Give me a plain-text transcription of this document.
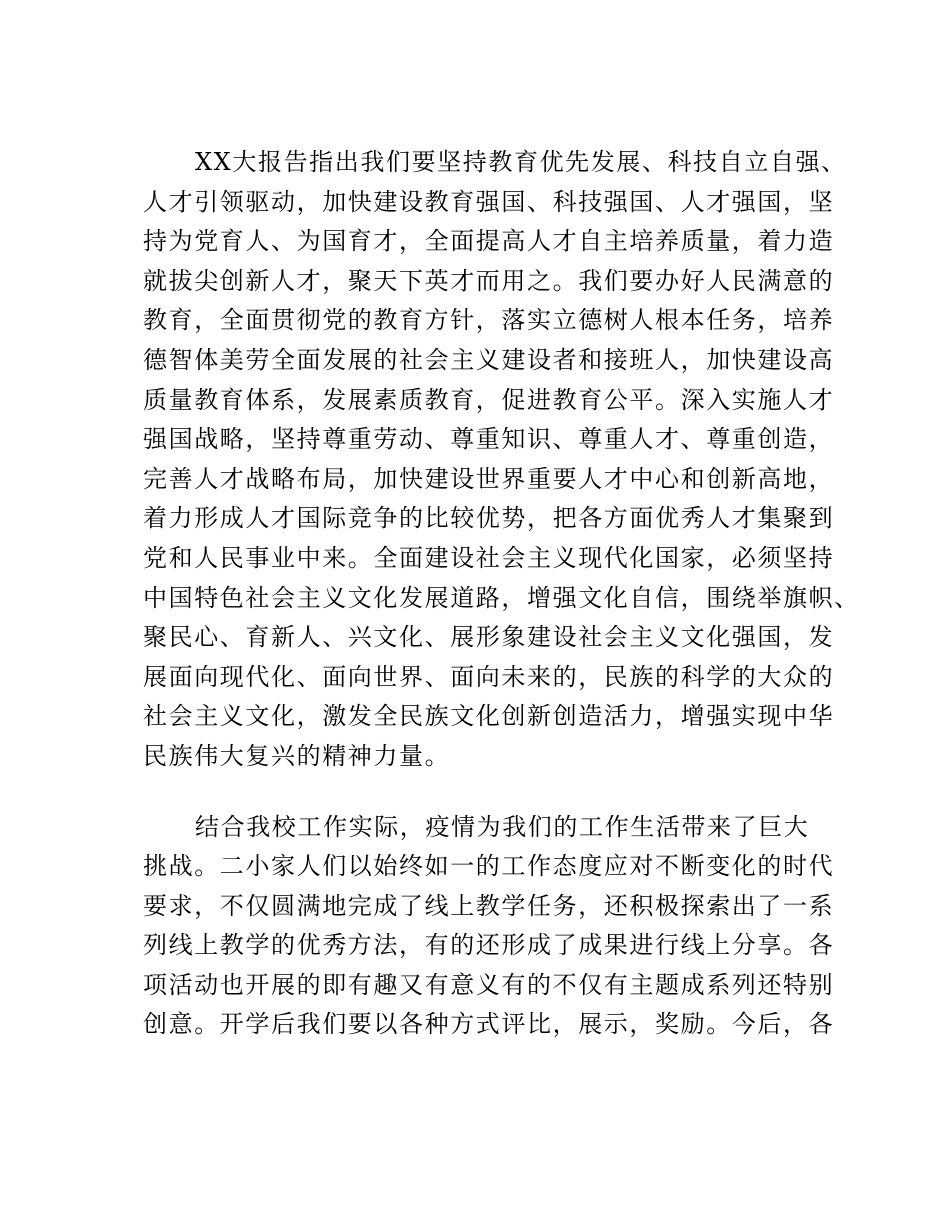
XX大报告指出我们要坚持教育优先发展、科技自立自强、
人才引领驱动，加快建设教育强国、科技强国、人才强国，坚
持为党育人、为国育才，全面提高人才自主培养质量，着力造
就拔尖创新人才，聚天下英才而用之。我们要办好人民满意的
教育，全面贯彻党的教育方针，落实立德树人根本任务，培养
德智体美劳全面发展的社会主义建设者和接班人，加快建设高
质量教育体系，发展素质教育，促进教育公平。深入实施人才
强国战略，坚持尊重劳动、尊重知识、尊重人才、尊重创造，
完善人才战略布局，加快建设世界重要人才中心和创新高地，
着力形成人才国际竞争的比较优势，把各方面优秀人才集聚到
党和人民事业中来。全面建设社会主义现代化国家，必须坚持
中国特色社会主义文化发展道路，增强文化自信，围绕举旗帜、
聚民心、育新人、兴文化、展形象建设社会主义文化强国，发
展面向现代化、面向世界、面向未来的，民族的科学的大众的
社会主义文化，激发全民族文化创新创造活力，增强实现中华
民族伟大复兴的精神力量。
结合我校工作实际，疫情为我们的工作生活带来了巨大
挑战。二小家人们以始终如一的工作态度应对不断变化的时代
要求，不仅圆满地完成了线上教学任务，还积极探索出了一系
列线上教学的优秀方法，有的还形成了成果进行线上分享。各
项活动也开展的即有趣又有意义有的不仅有主题成系列还特别
创意。开学后我们要以各种方式评比，展示，奖励。今后，各
